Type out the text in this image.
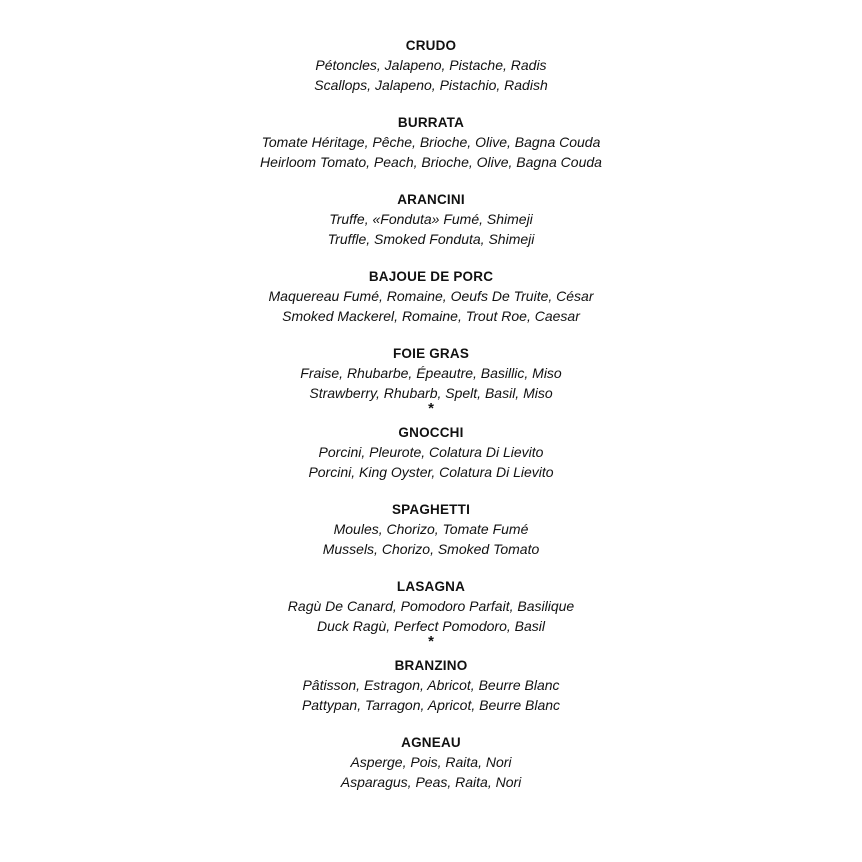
CRUDO
Pétoncles, Jalapeno, Pistache, Radis
Scallops, Jalapeno, Pistachio, Radish
BURRATA
Tomate Héritage, Pêche, Brioche, Olive, Bagna Couda
Heirloom Tomato, Peach, Brioche, Olive, Bagna Couda
ARANCINI
Truffe, «Fonduta» Fumé, Shimeji
Truffle, Smoked Fonduta, Shimeji
BAJOUE DE PORC
Maquereau Fumé, Romaine, Oeufs De Truite, César
Smoked Mackerel, Romaine, Trout Roe, Caesar
FOIE GRAS
Fraise, Rhubarbe, Épeautre, Basillic, Miso
Strawberry, Rhubarb, Spelt, Basil, Miso
*
GNOCCHI
Porcini, Pleurote, Colatura Di Lievito
Porcini, King Oyster, Colatura Di Lievito
SPAGHETTI
Moules, Chorizo, Tomate Fumé
Mussels, Chorizo, Smoked Tomato
LASAGNA
Ragù De Canard, Pomodoro Parfait, Basilique
Duck Ragù, Perfect Pomodoro, Basil
*
BRANZINO
Pâtisson, Estragon, Abricot, Beurre Blanc
Pattypan, Tarragon, Apricot, Beurre Blanc
AGNEAU
Asperge, Pois, Raita, Nori
Asparagus, Peas, Raita, Nori
